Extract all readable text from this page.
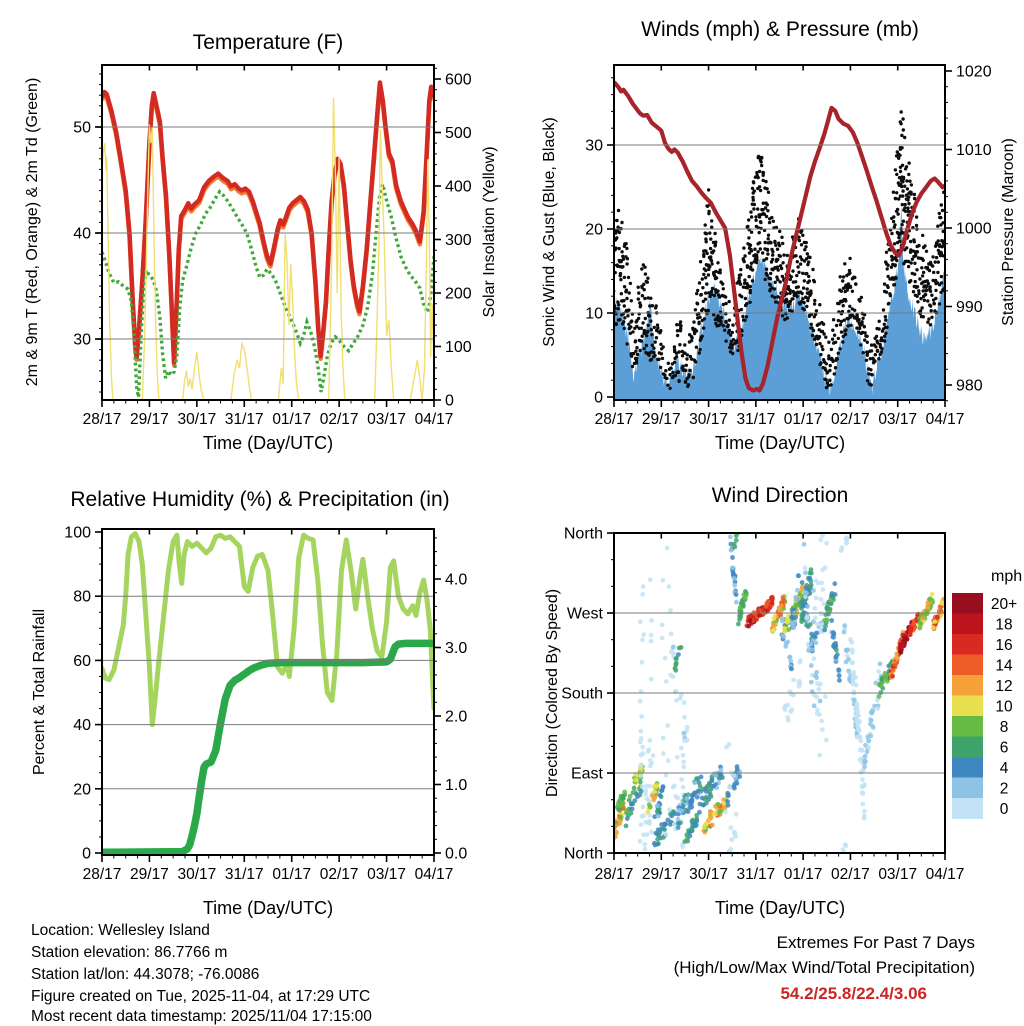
28/17 29/17 30/17 31/17 01/17 02/17 03/17 04/17
30
40
50
0
100
200
300
400
500
600
28/17 29/17 30/17 31/17 01/17 02/17 03/17 04/17
0
10
20
30
980
990
1000
1010
1020
28/17 29/17 30/17 31/17 01/17 02/17 03/17 04/17
0
20
40
60
80
100
0.0
1.0
2.0
3.0
4.0
28/17 29/17 30/17 31/17 01/17 02/17 03/17 04/17
North
West
South
East
North
20+
18
16
14
12
10
8
6
4
2
0
Temperature (F)
Winds (mph) & Pressure (mb)
Relative Humidity (%) & Precipitation (in)	Wind Direction
2m & 9m T (Red, Orange) & 2m Td (Green)	Solar Insolation (Yellow)	Sonic Wind & Gust (Blue, Black)	Station Pressure (Maroon)
Percent & Total Rainfall	Direction (Colored By Speed)
Time (Day/UTC)	Time (Day/UTC)
Time (Day/UTC)	Time (Day/UTC)
mph
Location: Wellesley Island
Station elevation: 86.7766 m
Station lat/lon: 44.3078; -76.0086
Figure created on Tue, 2025-11-04, at 17:29 UTC
Most recent data timestamp: 2025/11/04 17:15:00
Extremes For Past 7 Days
(High/Low/Max Wind/Total Precipitation)
54.2/25.8/22.4/3.06
